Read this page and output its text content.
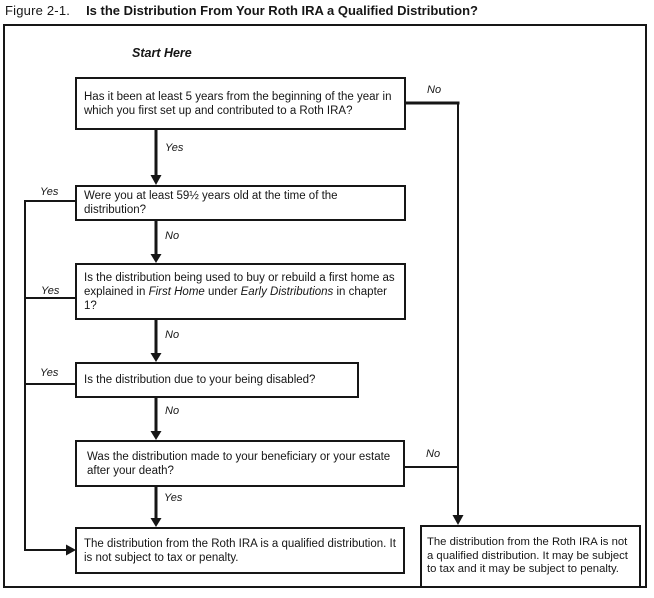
Figure 2-1. Is the Distribution From Your Roth IRA a Qualified Distribution?
Start Here
Has it been at least 5 years from the beginning of the year in which you first set up and contributed to a Roth IRA?
Were you at least 59½ years old at the time of the distribution?
Is the distribution being used to buy or rebuild a first home as explained in First Home under Early Distributions in chapter 1?
Is the distribution due to your being disabled?
Was the distribution made to your beneficiary or your estate after your death?
The distribution from the Roth IRA is a qualified distribution. It is not subject to tax or penalty.
The distribution from the Roth IRA is not a qualified distribution. It may be subject to tax and it may be subject to penalty.
Yes
No
Yes
No
Yes
No
Yes
No
Yes
No
